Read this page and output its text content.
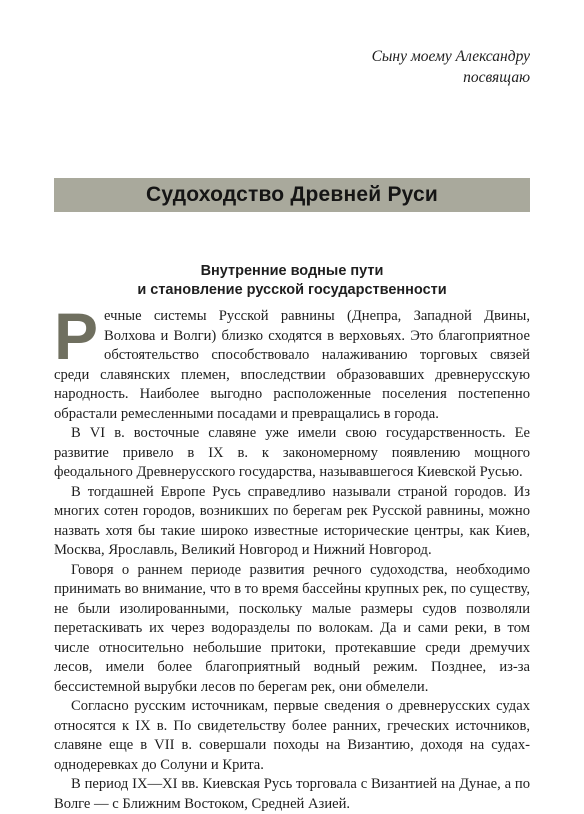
Сыну моему Александру
посвящаю
Судоходство Древней Руси
Внутренние водные пути
и становление русской государственности

Речные системы Русской равнины (Днепра, Западной Двины, Волхова и Волги) близко сходятся в верховьях. Это благоприятное обстоятельство способствовало налаживанию торговых связей среди славянских племен, впоследствии образовавших древнерусскую народность. Наиболее выгодно расположенные поселения постепенно обрастали ремесленными посадами и превращались в города.

В VI в. восточные славяне уже имели свою государственность. Ее развитие привело в IX в. к закономерному появлению мощного феодального Древнерусского государства, называвшегося Киевской Русью.

В тогдашней Европе Русь справедливо называли страной городов. Из многих сотен городов, возникших по берегам рек Русской равнины, можно назвать хотя бы такие широко известные исторические центры, как Киев, Москва, Ярославль, Великий Новгород и Нижний Новгород.

Говоря о раннем периоде развития речного судоходства, необходимо принимать во внимание, что в то время бассейны крупных рек, по существу, не были изолированными, поскольку малые размеры судов позволяли перетаскивать их через водоразделы по волокам. Да и сами реки, в том числе относительно небольшие притоки, протекавшие среди дремучих лесов, имели более благоприятный водный режим. Позднее, из-за бессистемной вырубки лесов по берегам рек, они обмелели.

Согласно русским источникам, первые сведения о древнерусских судах относятся к IX в. По свидетельству более ранних, греческих источников, славяне еще в VII в. совершали походы на Византию, доходя на судах-однодеревках до Солуни и Крита.

В период IX—XI вв. Киевская Русь торговала с Византией на Дунае, а по Волге — с Ближним Востоком, Средней Азией.
